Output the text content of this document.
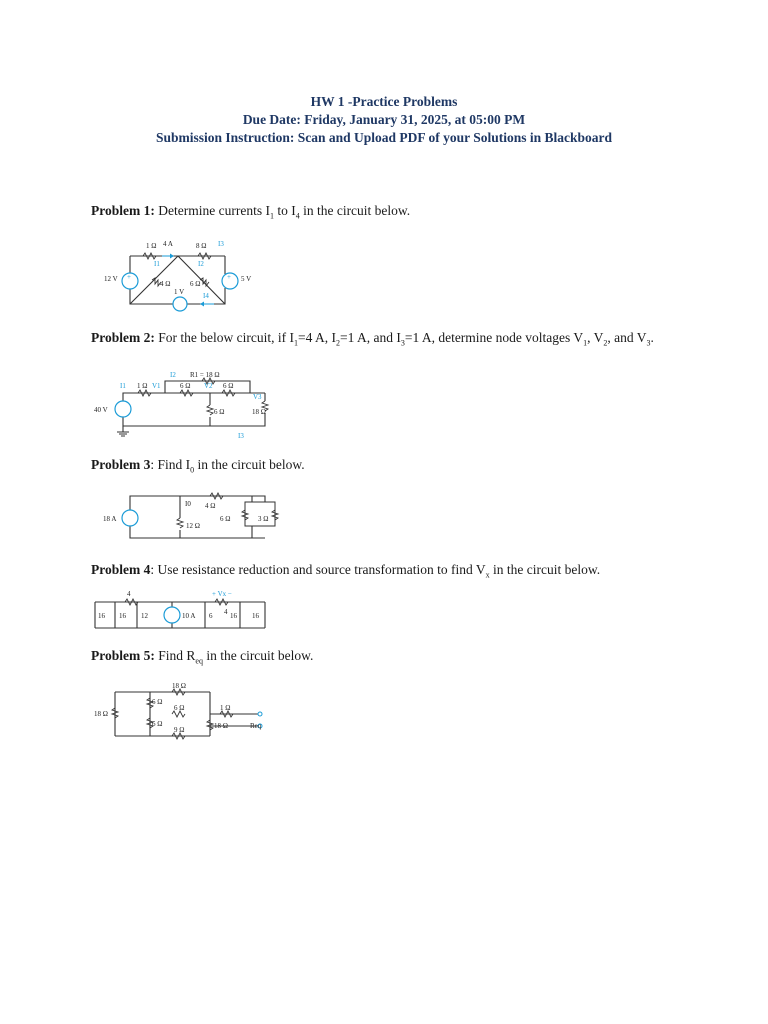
HW 1 -Practice Problems
Due Date: Friday, January 31, 2025, at 05:00 PM
Submission Instruction: Scan and Upload PDF of your Solutions in Blackboard
Problem 1: Determine currents $I_1$ to $I_4$ in the circuit below.
1 Ω 4 A	8 Ω I3
I1	I2
12 V	5 V
4 Ω	6 Ω
1 V	I4
+	+
Problem 2: For the below circuit, if $I_1=4$ A, $I_2=1$ A, and $I_3=1$ A, determine node voltages $V_1$, $V_2$, and $V_3$.
I2 R1 = 18 Ω
I1 1 Ω V1	6 Ω V2 6 Ω
V3
40 V	6 Ω	18 Ω
I3
Problem 3: Find $I_0$ in the circuit below.
18 A
I0 4 Ω
12 Ω
6 Ω	3 Ω
Problem 4: Use resistance reduction and source transformation to find $V_x$ in the circuit below.
16 16
4
12	10 A
+ Vx −
6 4 16 16
Problem 5: Find $R_{eq}$ in the circuit below.
18 Ω
18 Ω
6 Ω
6 Ω
6 Ω
1 Ω
18 Ω
9 Ω	Req
